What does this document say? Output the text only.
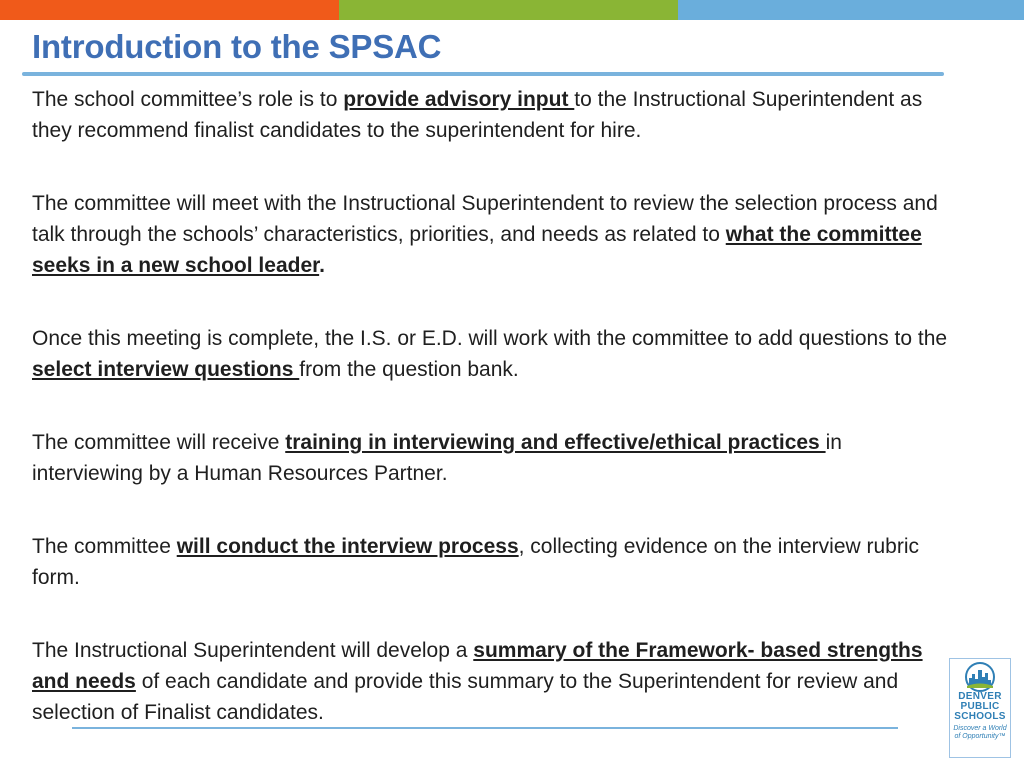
Introduction to the SPSAC

The school committee’s role is to provide advisory input to the Instructional Superintendent as they recommend finalist candidates to the superintendent for hire.

The committee will meet with the Instructional Superintendent to review the selection process and talk through the schools’ characteristics, priorities, and needs as related to what the committee seeks in a new school leader.

Once this meeting is complete, the I.S. or E.D. will work with the committee to add questions to the select interview questions from the question bank.

The committee will receive training in interviewing and effective/ethical practices in interviewing by a Human Resources Partner.

The committee will conduct the interview process, collecting evidence on the interview rubric form.

The Instructional Superintendent will develop a summary of the Framework- based strengths and needs of each candidate and provide this summary to the Superintendent for review and selection of Finalist candidates.

DENVER
PUBLIC
SCHOOLS
Discover a World
of Opportunity™
